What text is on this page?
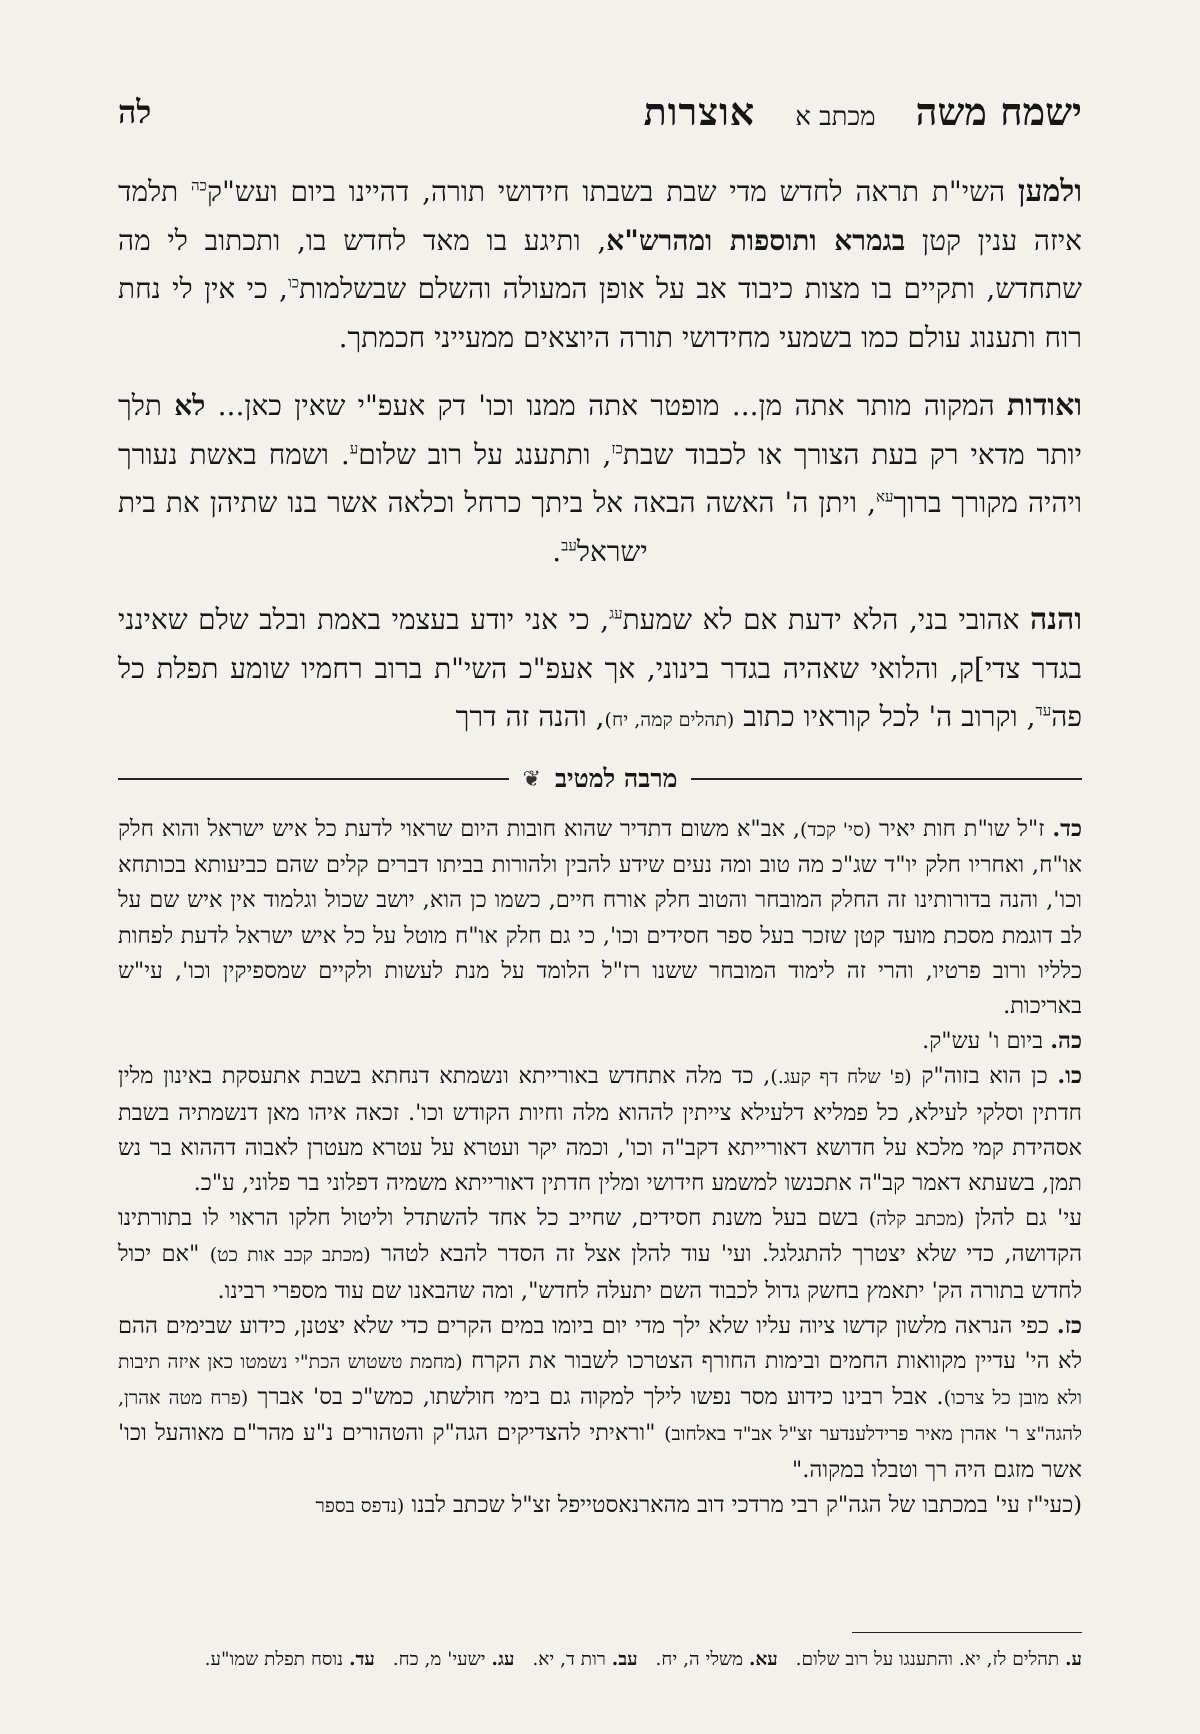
ישמח משה
מכתב א
אוצרות
לה

ולמען השי"ת תראה לחדש מדי שבת בשבתו חידושי תורה, דהיינו ביום ועש"ק$^{כה}$ תלמד איזה ענין קטן בגמרא ותוספות ומהרש"א, ותיגע בו מאד לחדש בו, ותכתוב לי מה שתחדש, ותקיים בו מצות כיבוד אב על אופן המעולה והשלם שבשלמות$^{כו}$, כי אין לי נחת רוח ותענוג עולם כמו בשמעי מחידושי תורה היוצאים ממעייני חכמתך.

ואודות המקוה מותר אתה מן... מופטר אתה ממנו וכו' דק אעפ"י שאין כאן... לא תלך יותר מדאי רק בעת הצורך או לכבוד שבת$^{כז}$, ותתענג על רוב שלום$^ע$. ושמח באשת נעורך ויהיה מקורך ברוך$^{עא}$, ויתן ה' האשה הבאה אל ביתך כרחל וכלאה אשר בנו שתיהן את בית ישראל$^{עב}$.

והנה אהובי בני, הלא ידעת אם לא שמעת$^{עג}$, כי אני יודע בעצמי באמת ובלב שלם שאינני בגדר צדי]ק, והלואי שאהיה בגדר בינוני, אך אעפ"כ השי"ת ברוב רחמיו שומע תפלת כל פה$^{עד}$, וקרוב ה' לכל קוראיו כתוב (תהלים קמה, יח), והנה זה דרך

מרבה למטיב
❦

כד. ז"ל שו"ת חות יאיר (סי' קכד), אב"א משום דתדיר שהוא חובות היום שראוי לדעת כל איש ישראל והוא חלק או"ח, ואחריו חלק יו"ד שג"כ מה טוב ומה נעים שידע להבין ולהורות בביתו דברים קלים שהם כביעותא בכותחא וכו', והנה בדורותינו זה החלק המובחר והטוב חלק אורח חיים, כשמו כן הוא, יושב שכול וגלמוד אין איש שם על לב דוגמת מסכת מועד קטן שזכר בעל ספר חסידים וכו', כי גם חלק או"ח מוטל על כל איש ישראל לדעת לפחות כלליו ורוב פרטיו, והרי זה לימוד המובחר ששנו רז"ל הלומד על מנת לעשות ולקיים שמספיקין וכו', עי"ש באריכות.

כה. ביום ו' עש"ק.

כו. כן הוא בזוה"ק (פ' שלח דף קעג.), כד מלה אתחדש באורייתא ונשמתא דנחתא בשבת אתעסקת באינון מלין חדתין וסלקי לעילא, כל פמליא דלעילא צייתין לההוא מלה וחיות הקודש וכו'. זכאה איהו מאן דנשמתיה בשבת אסהידת קמי מלכא על חדושא דאורייתא דקב"ה וכו', וכמה יקר ועטרא על עטרא מעטרן לאבוה דההוא בר נש תמן, בשעתא דאמר קב"ה אתכנשו למשמע חידושי ומלין חדתין דאורייתא משמיה דפלוני בר פלוני, ע"כ.

עי' גם להלן (מכתב קלה) בשם בעל משנת חסידים, שחייב כל אחד להשתדל וליטול חלקו הראוי לו בתורתינו הקדושה, כדי שלא יצטרך להתגלגל. ועי' עוד להלן אצל זה הסדר להבא לטהר (מכתב קכב אות כט) "אם יכול לחדש בתורה הק' יתאמץ בחשק גדול לכבוד השם יתעלה לחדש", ומה שהבאנו שם עוד מספרי רבינו.

כז. כפי הנראה מלשון קדשו ציוה עליו שלא ילך מדי יום ביומו במים הקרים כדי שלא יצטנן, כידוע שבימים ההם לא הי' עדיין מקוואות החמים ובימות החורף הצטרכו לשבור את הקרח (מחמת טשטוש הכת"י נשמטו כאן איזה תיבות ולא מובן כל צרכו). אבל רבינו כידוע מסר נפשו לילך למקוה גם בימי חולשתו, כמש"כ בס' אברך (פרח מטה אהרן, להגה"צ ר' אהרן מאיר פרידלענדער זצ"ל אב"ד באלחוב) "וראיתי להצדיקים הגה"ק והטהורים נ"ע מהר"ם מאוהעל וכו' אשר מזגם היה רך וטבלו במקוה."

(כעי"ז עי' במכתבו של הגה"ק רבי מרדכי דוב מהארנאסטייפל זצ"ל שכתב לבנו (נדפס בספר

ע. תהלים לז, יא. והתענגו על רוב שלום. עא. משלי ה, יח. עב. רות ד, יא. עג. ישעי' מ, כח. עד. נוסח תפלת שמו"ע.
